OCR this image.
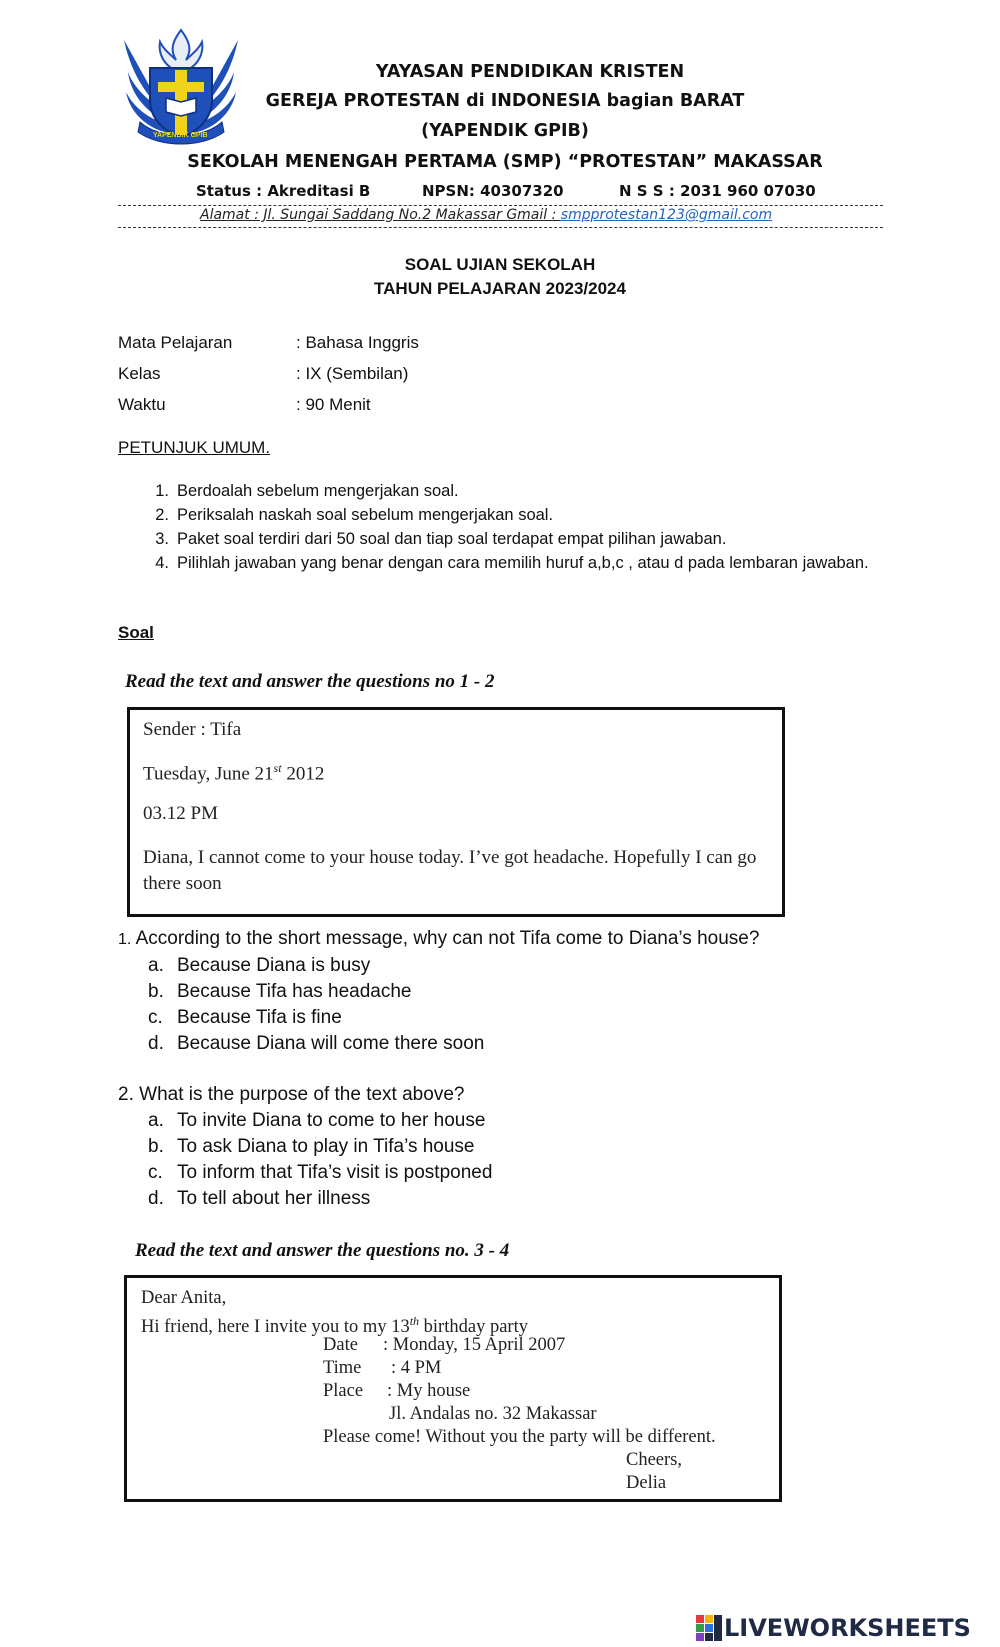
YAPENDIK GPIB
YAYASAN PENDIDIKAN KRISTEN
GEREJA PROTESTAN di INDONESIA bagian BARAT
(YAPENDIK GPIB)
SEKOLAH MENENGAH PERTAMA (SMP) “PROTESTAN” MAKASSAR
Status : Akreditasi B	NPSN: 40307320	N S S : 2031 960 07030
Alamat : Jl. Sungai Saddang No.2 Makassar Gmail : smpprotestan123@gmail.com
SOAL UJIAN SEKOLAH
TAHUN PELAJARAN 2023/2024
Mata Pelajaran	: Bahasa Inggris
Kelas	: IX (Sembilan)
Waktu	: 90 Menit
PETUNJUK UMUM.
1. Berdoalah sebelum mengerjakan soal.
2. Periksalah naskah soal sebelum mengerjakan soal.
3. Paket soal terdiri dari 50 soal dan tiap soal terdapat empat pilihan jawaban.
4. Pilihlah jawaban yang benar dengan cara memilih huruf a,b,c , atau d pada lembaran jawaban.
Soal
Read the text and answer the questions no 1 - 2
Sender : Tifa
Tuesday, June 21st 2012
03.12 PM
Diana, I cannot come to your house today. I’ve got headache. Hopefully I can go there soon
1. According to the short message, why can not Tifa come to Diana’s house?
a. Because Diana is busy
b. Because Tifa has headache
c. Because Tifa is fine
d. Because Diana will come there soon
2. What is the purpose of the text above?
a. To invite Diana to come to her house
b. To ask Diana to play in Tifa’s house
c. To inform that Tifa’s visit is postponed
d. To tell about her illness
Read the text and answer the questions no. 3 - 4
Dear Anita,
Hi friend, here I invite you to my 13th birthday party
Date : Monday, 15 April 2007
Time : 4 PM
Place : My house
Jl. Andalas no. 32 Makassar
Please come! Without you the party will be different.
Cheers,
Delia
LIVEWORKSHEETS
